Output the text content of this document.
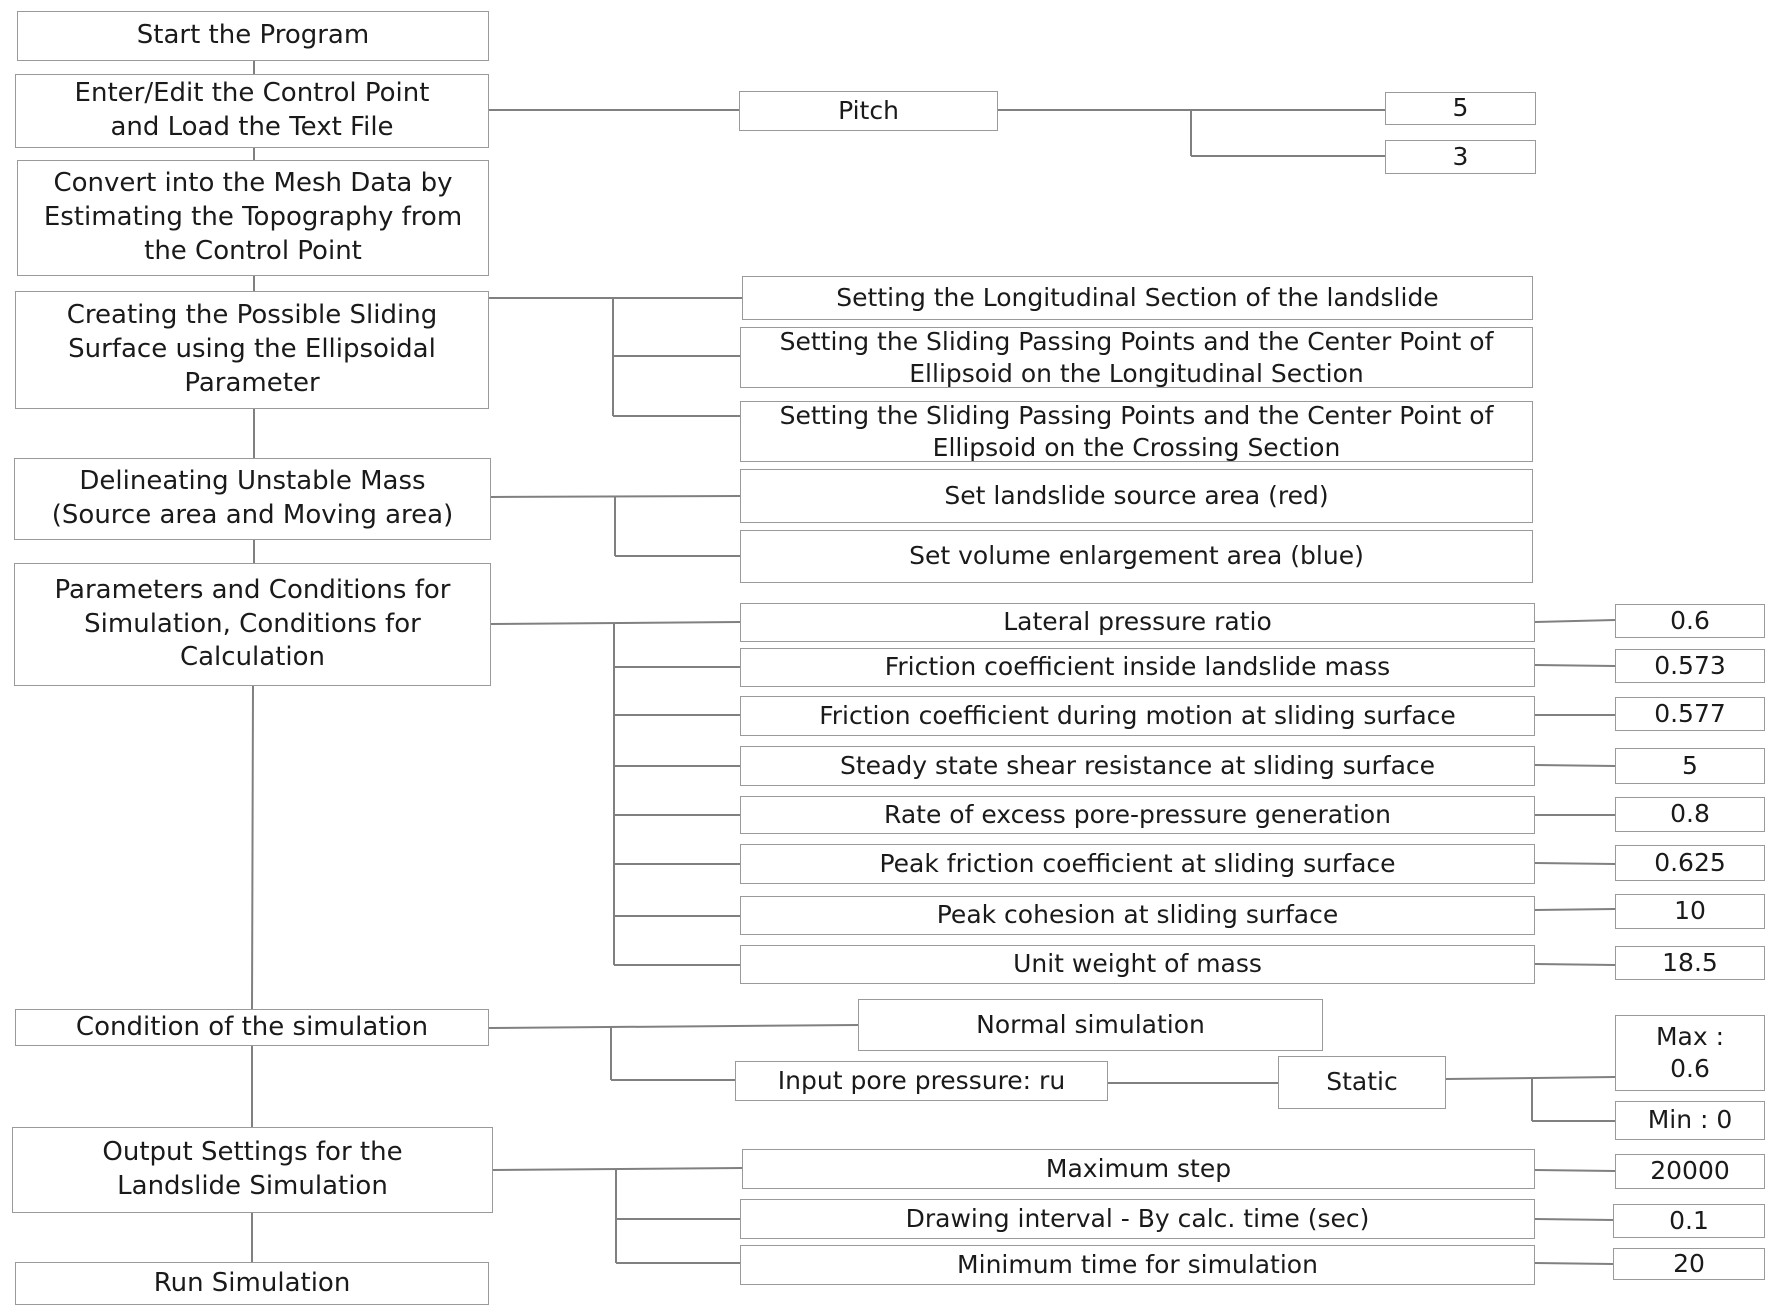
Start the Program
Enter/Edit the Control Point
and Load the Text File
Convert into the Mesh Data by
Estimating the Topography from
the Control Point
Creating the Possible Sliding
Surface using the Ellipsoidal
Parameter
Delineating Unstable Mass
(Source area and Moving area)
Parameters and Conditions for
Simulation, Conditions for
Calculation
Condition of the simulation
Output Settings for the
Landslide Simulation
Run Simulation
Pitch	5
3
Setting the Longitudinal Section of the landslide
Setting the Sliding Passing Points and the Center Point of
Ellipsoid on the Longitudinal Section
Setting the Sliding Passing Points and the Center Point of
Ellipsoid on the Crossing Section
Set landslide source area (red)
Set volume enlargement area (blue)
Lateral pressure ratio	0.6
Friction coefficient inside landslide mass	0.573
Friction coefficient during motion at sliding surface	0.577
Steady state shear resistance at sliding surface	5
Rate of excess pore-pressure generation	0.8
Peak friction coefficient at sliding surface	0.625
Peak cohesion at sliding surface	10
Unit weight of mass	18.5
Normal simulation
Input pore pressure: ru	Static
Max :
0.6
Min : 0
Maximum step	20000
Drawing interval - By calc. time (sec)	0.1
Minimum time for simulation	20
